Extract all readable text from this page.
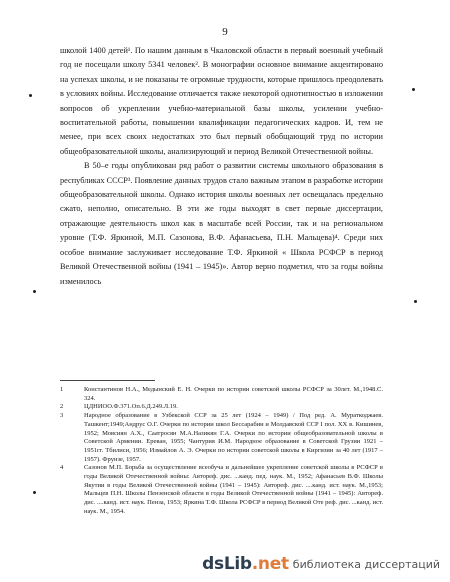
9

школой 1400 детей¹. По нашим данным в Чкаловской области в первый военный учебный год не посещали школу 5341 человек². В монографии основное внимание акцентировано на успехах школы, и не показаны те огромные трудности, которые пришлось преодолевать в условиях войны. Исследование отличается также некоторой однотипностью в изложении вопросов об укреплении учебно-материальной базы школы, усилении учебно-воспитательной работы, повышении квалификации педагогических кадров. И, тем не менее, при всех своих недостатках это был первый обобщающий труд по истории общеобразовательной школы, анализирующий и период Великой Отечественной войны.

В 50–е годы опубликован ряд работ о развитии системы школьного образования в республиках СССР³. Появление данных трудов стало важным этапом в разработке истории общеобразовательной школы. Однако история школы военных лет освещалась предельно сжато, неполно, описательно. В эти же годы выходят в свет первые диссертации, отражающие деятельность школ как в масштабе всей России, так и на региональном уровне (Т.Ф. Яркиной, М.П. Сазонова, В.Ф. Афанасьева, П.Н. Мальцева)⁴. Среди них особое внимание заслуживает исследование Т.Ф. Яркиной « Школа РСФСР в период Великой Отечественной войны (1941 – 1945)». Автор верно подметил, что за годы войны изменилось

1	Константинов Н.А., Медынский Е. Н. Очерки по истории советской школы РСФСР за 30лет. М.,1948.С. 324.
2	ЦДНИОО.Ф.371.Оп.6.Д.249.Л.19.
3	Народное образование в Узбекской ССР за 25 лет (1924 – 1949) / Под ред. А. Мураткоджаев. Ташкент;1949;Андрус О.Г. Очерки по истории школ Бессарабии и Молдавской ССР I пол. ХХ в. Кишинев, 1952; Мовсиян А.Х., Саатросян М.А.Назикян Г.А. Очерки по истории общеобразовательной школы в Советской Армении. Ереван, 1955; Чантурия И.М. Народное образование в Советской Грузии 1921 – 1951гг. Тбилиси, 1956; Измайлов А. Э. Очерки по истории советской школы в Киргизии за 40 лет (1917 – 1957). Фрунзе, 1957.
4	Сазонов М.П. Борьба за осуществление всеобуча и дальнейшее укрепление советской школы в РСФСР в годы Великой Отечественной войны: Автореф. дис. ...канд. пед. наук. М., 1952; Афанасьев В.Ф. Школы Якутии в годы Великой Отечественной войны (1941 – 1945): Автореф. дис. ....канд. ист. наук. М.,1953; Мальцев П.Н. Школы Пензенской области в годы Великой Отечественной войны (1941 – 1945): Автореф. дис. ....канд. ист. наук. Пенза, 1953; Яркина Т.Ф. Школа РСФСР в период Великой Оте реф. дис. ...канд. ист. наук. М., 1954.
dsLib.net библиотека диссертаций
